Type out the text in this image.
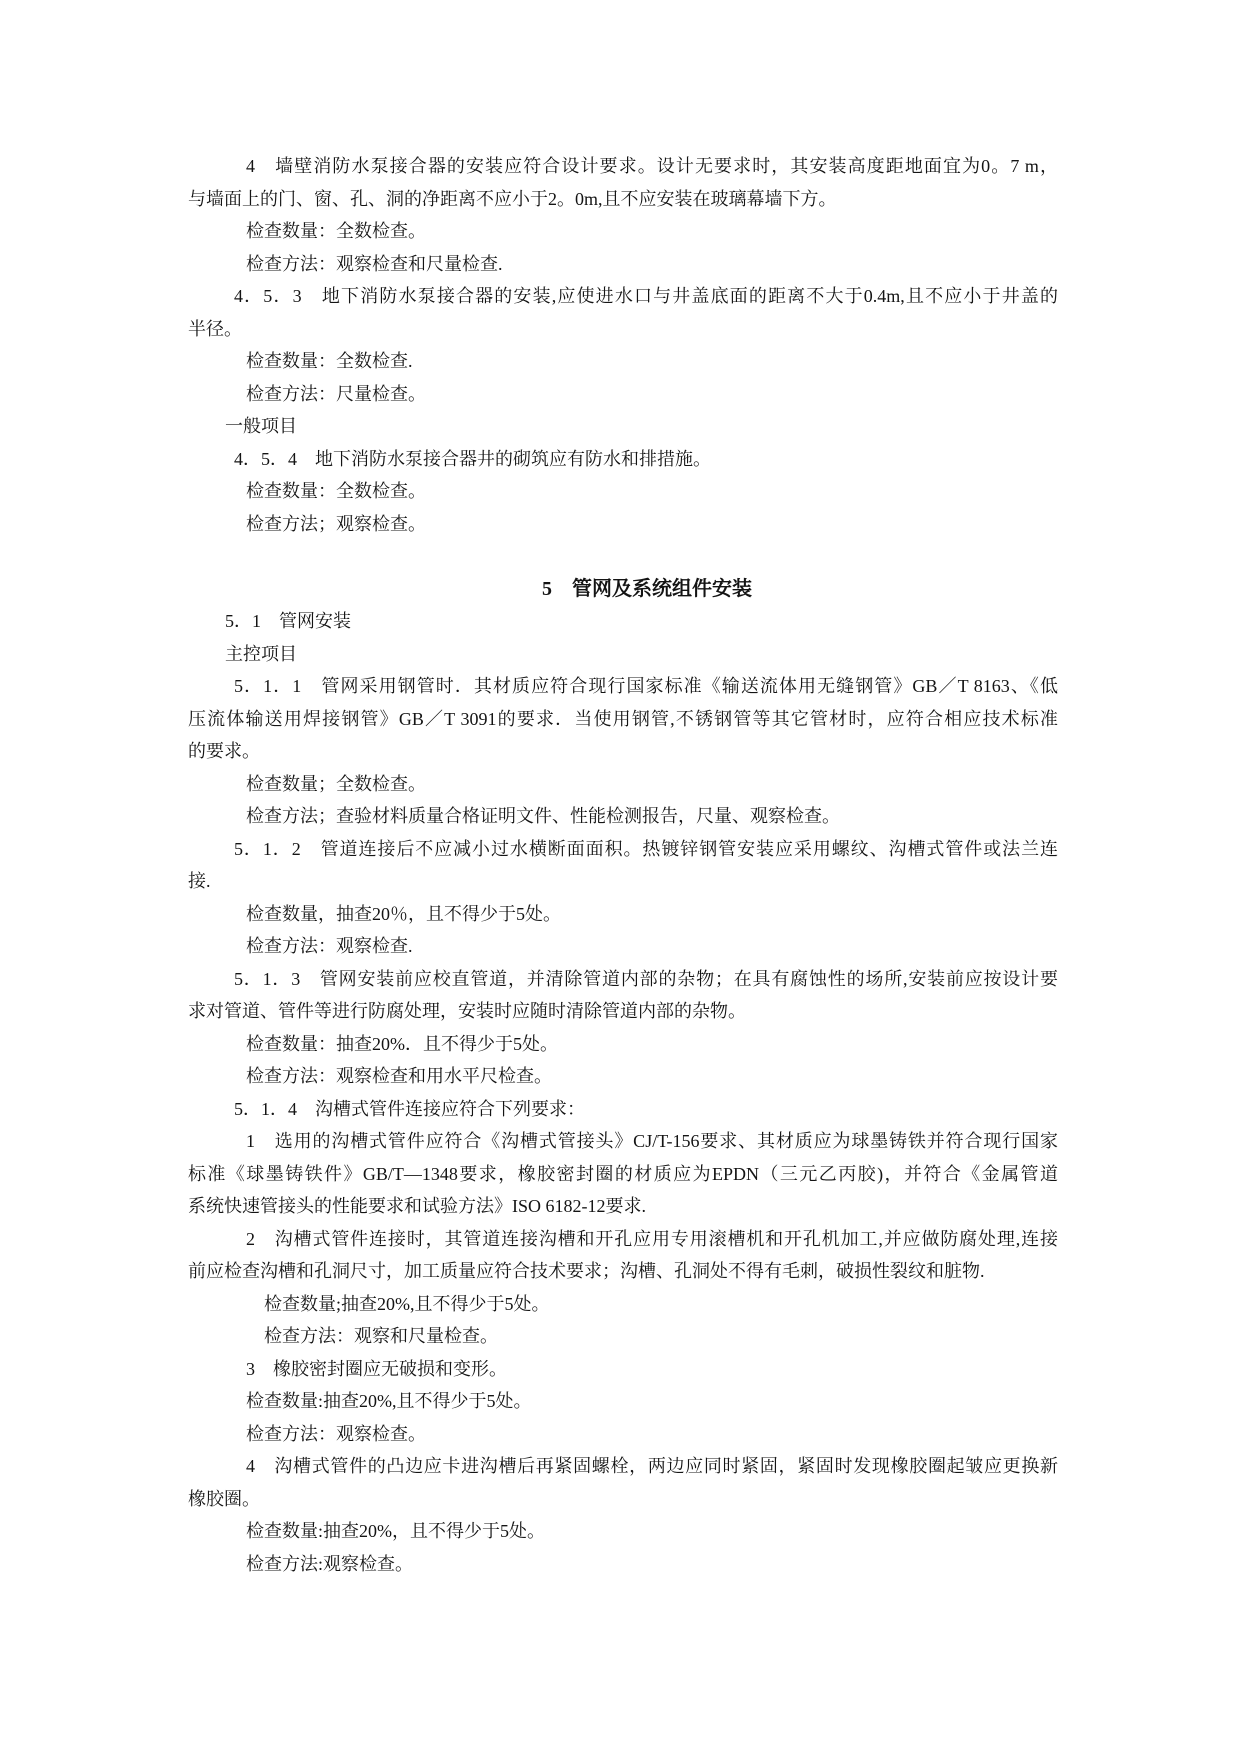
4　墙壁消防水泵接合器的安装应符合设计要求。设计无要求时，其安装高度距地面宜为0。7 m，
与墙面上的门、窗、孔、洞的净距离不应小于2。0m,且不应安装在玻璃幕墙下方。
检查数量：全数检查。
检查方法：观察检查和尺量检查.
4．5．3　地下消防水泵接合器的安装,应使进水口与井盖底面的距离不大于0.4m,且不应小于井盖的
半径。
检查数量：全数检查.
检查方法：尺量检查。
一般项目
4．5．4　地下消防水泵接合器井的砌筑应有防水和排措施。
检查数量：全数检查。
检查方法；观察检查。
5　管网及系统组件安装
5．1　管网安装
主控项目
5．1．1　管网采用钢管时．其材质应符合现行国家标准《输送流体用无缝钢管》GB／T 8163、《低
压流体输送用焊接钢管》GB／T 3091的要求．当使用钢管,不锈钢管等其它管材时，应符合相应技术标准
的要求。
检查数量；全数检查。
检查方法；查验材料质量合格证明文件、性能检测报告，尺量、观察检查。
5．1．2　管道连接后不应减小过水横断面面积。热镀锌钢管安装应采用螺纹、沟槽式管件或法兰连
接.
检查数量，抽查20％，且不得少于5处。
检查方法：观察检查.
5．1．3　管网安装前应校直管道，并清除管道内部的杂物；在具有腐蚀性的场所,安装前应按设计要
求对管道、管件等进行防腐处理，安装时应随时清除管道内部的杂物。
检查数量：抽查20%．且不得少于5处。
检查方法：观察检查和用水平尺检查。
5．1．4　沟槽式管件连接应符合下列要求：
1　选用的沟槽式管件应符合《沟槽式管接头》CJ/T-156要求、其材质应为球墨铸铁并符合现行国家
标准《球墨铸铁件》GB/T—1348要求，橡胶密封圈的材质应为EPDN（三元乙丙胶)，并符合《金属管道
系统快速管接头的性能要求和试验方法》ISO 6182-12要求.
2　沟槽式管件连接时，其管道连接沟槽和开孔应用专用滚槽机和开孔机加工,并应做防腐处理,连接
前应检查沟槽和孔洞尺寸，加工质量应符合技术要求；沟槽、孔洞处不得有毛刺，破损性裂纹和脏物.
检查数量;抽查20%,且不得少于5处。
检查方法：观察和尺量检查。
3　橡胶密封圈应无破损和变形。
检查数量:抽查20%,且不得少于5处。
检查方法：观察检查。
4　沟槽式管件的凸边应卡进沟槽后再紧固螺栓，两边应同时紧固，紧固时发现橡胶圈起皱应更换新
橡胶圈。
检查数量:抽查20%，且不得少于5处。
检查方法:观察检查。
